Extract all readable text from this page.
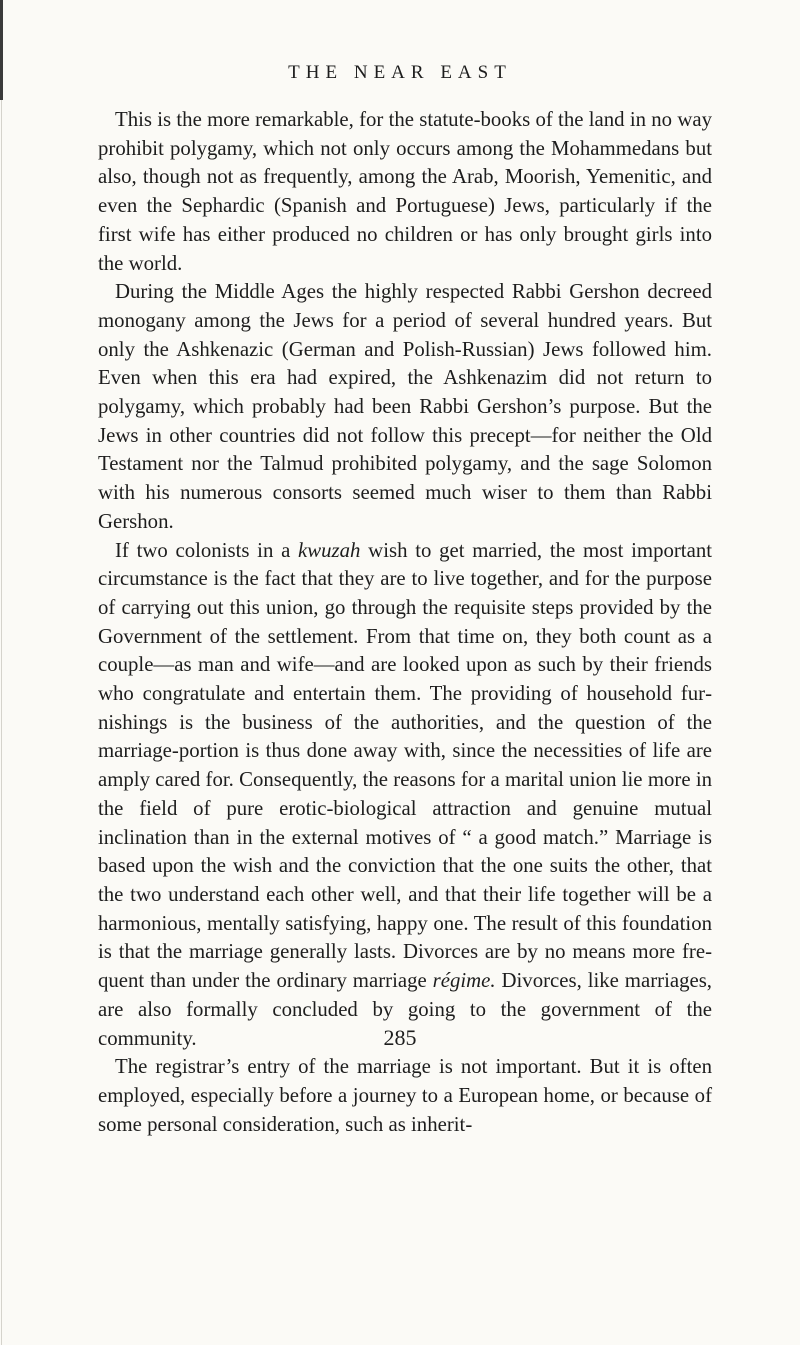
THE NEAR EAST

This is the more remarkable, for the statute-books of the land in no way prohibit polygamy, which not only occurs among the Mohammedans but also, though not as frequently, among the Arab, Moorish, Yemenitic, and even the Sephardic (Spanish and Portuguese) Jews, particularly if the first wife has either produced no children or has only brought girls into the world.

During the Middle Ages the highly respected Rabbi Gershon decreed monogany among the Jews for a period of several hundred years. But only the Ashkenazic (German and Polish-Russian) Jews followed him. Even when this era had expired, the Ashkenazim did not return to polygamy, which probably had been Rabbi Gershon’s purpose. But the Jews in other countries did not follow this precept—for neither the Old Testament nor the Talmud prohibited polygamy, and the sage Solomon with his numerous consorts seemed much wiser to them than Rabbi Gershon.

If two colonists in a kwuzah wish to get married, the most important circumstance is the fact that they are to live together, and for the purpose of carrying out this union, go through the requisite steps provided by the Government of the settlement. From that time on, they both count as a couple—as man and wife—and are looked upon as such by their friends who congratulate and entertain them. The providing of household furnishings is the business of the authorities, and the question of the marriage-portion is thus done away with, since the necessities of life are amply cared for. Consequently, the reasons for a marital union lie more in the field of pure erotic-biological attraction and genuine mutual inclination than in the external motives of “ a good match.” Marriage is based upon the wish and the conviction that the one suits the other, that the two understand each other well, and that their life together will be a harmonious, mentally satisfying, happy one. The result of this foundation is that the marriage generally lasts. Divorces are by no means more frequent than under the ordinary marriage régime. Divorces, like marriages, are also formally concluded by going to the government of the community.

The registrar’s entry of the marriage is not important. But it is often employed, especially before a journey to a European home, or because of some personal consideration, such as inherit-

285
